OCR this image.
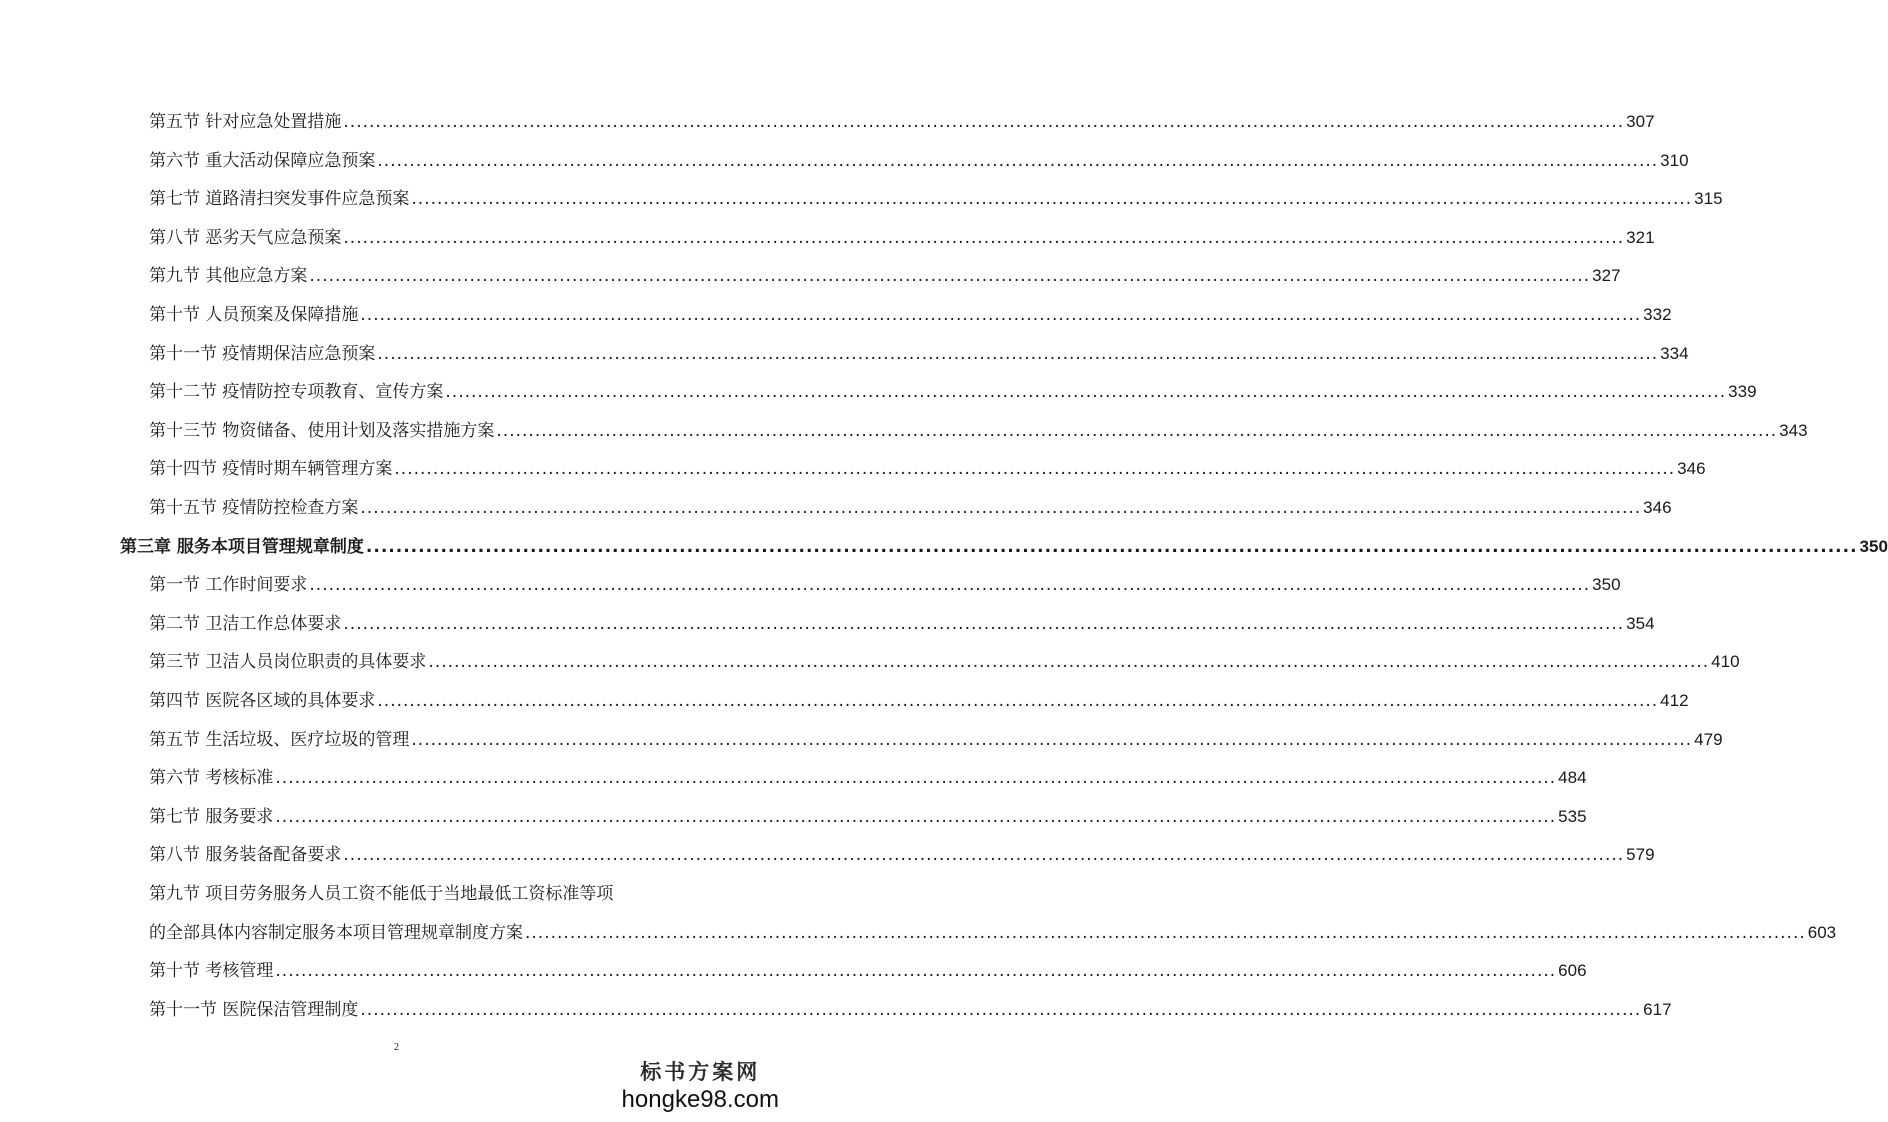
第五节 针对应急处置措施 ........................................................................................................................................................................................................ 307
第六节 重大活动保障应急预案 ........................................................................................................................................................................................................ 310
第七节 道路清扫突发事件应急预案 ........................................................................................................................................................................................................ 315
第八节 恶劣天气应急预案 ........................................................................................................................................................................................................ 321
第九节 其他应急方案 ........................................................................................................................................................................................................ 327
第十节 人员预案及保障措施 ........................................................................................................................................................................................................ 332
第十一节 疫情期保洁应急预案 ........................................................................................................................................................................................................ 334
第十二节 疫情防控专项教育、宣传方案 ........................................................................................................................................................................................................ 339
第十三节 物资储备、使用计划及落实措施方案 ........................................................................................................................................................................................................ 343
第十四节 疫情时期车辆管理方案 ........................................................................................................................................................................................................ 346
第十五节 疫情防控检查方案 ........................................................................................................................................................................................................ 346
第三章 服务本项目管理规章制度 ........................................................................................................................................................................................................ 350
第一节 工作时间要求 ........................................................................................................................................................................................................ 350
第二节 卫洁工作总体要求 ........................................................................................................................................................................................................ 354
第三节 卫洁人员岗位职责的具体要求 ........................................................................................................................................................................................................ 410
第四节 医院各区域的具体要求 ........................................................................................................................................................................................................ 412
第五节 生活垃圾、医疗垃圾的管理 ........................................................................................................................................................................................................ 479
第六节 考核标准 ........................................................................................................................................................................................................ 484
第七节 服务要求 ........................................................................................................................................................................................................ 535
第八节 服务装备配备要求 ........................................................................................................................................................................................................ 579
第九节 项目劳务服务人员工资不能低于当地最低工资标准等项
的全部具体内容制定服务本项目管理规章制度方案 ........................................................................................................................................................................................................ 603
第十节 考核管理 ........................................................................................................................................................................................................ 606
第十一节 医院保洁管理制度 ........................................................................................................................................................................................................ 617
2
标书方案网
hongke98.com
